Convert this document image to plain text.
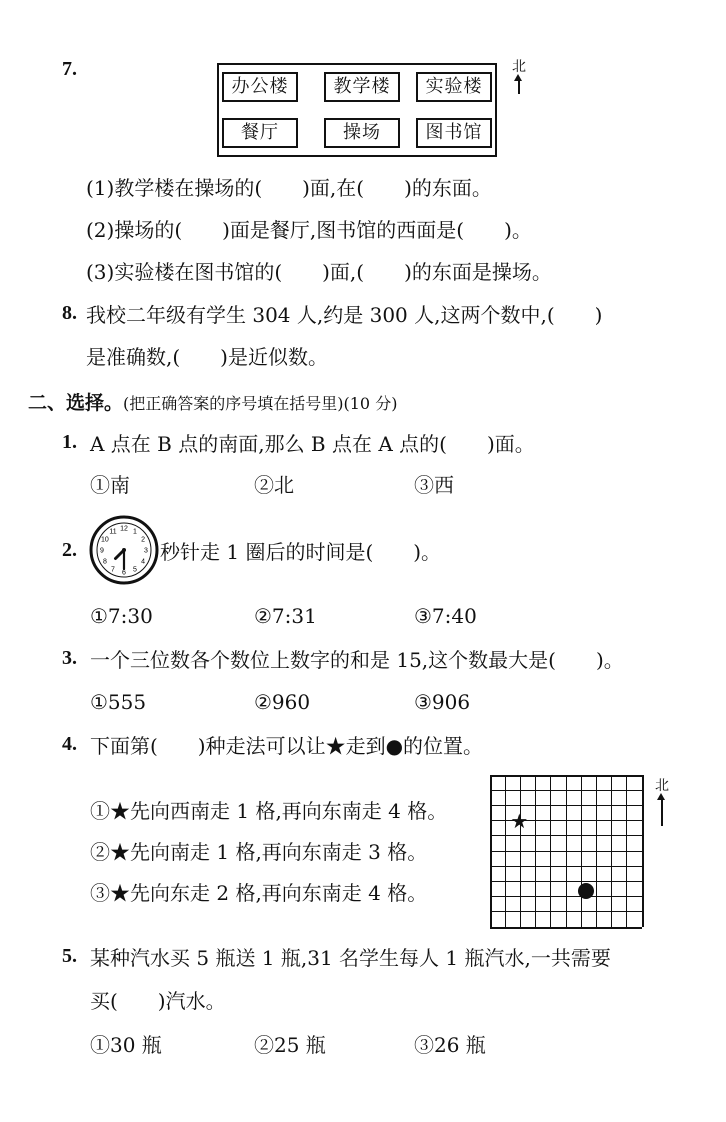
7.
办公楼	教学楼	实验楼
餐厅	操场	图书馆
北
(1)教学楼在操场的(　　)面,在(　　)的东面。
(2)操场的(　　)面是餐厅,图书馆的西面是(　　)。
(3)实验楼在图书馆的(　　)面,(　　)的东面是操场。
8. 我校二年级有学生 304 人,约是 300 人,这两个数中,(　　)
是准确数,(　　)是近似数。
二、选择。(把正确答案的序号填在括号里)(10 分)
1. A 点在 B 点的南面,那么 B 点在 A 点的(　　)面。
①南	②北	③西
2.
12 1
2
3
4
5
6
7
8
9
10
11
秒针走 1 圈后的时间是(　　)。
①7:30	②7:31	③7:40
3. 一个三位数各个数位上数字的和是 15,这个数最大是(　　)。
①555	②960	③906
4. 下面第(　　)种走法可以让★走到●的位置。
①★先向西南走 1 格,再向东南走 4 格。
②★先向南走 1 格,再向东南走 3 格。
③★先向东走 2 格,再向东南走 4 格。
★
北
5. 某种汽水买 5 瓶送 1 瓶,31 名学生每人 1 瓶汽水,一共需要
买(　　)汽水。
①30 瓶	②25 瓶	③26 瓶
